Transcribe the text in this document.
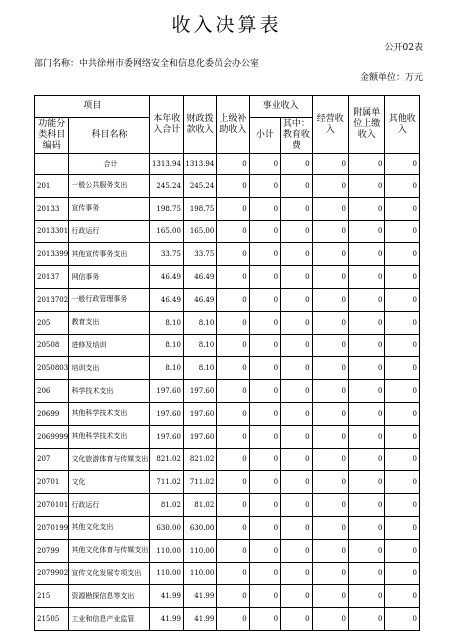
收入决算表
公开02表
部门名称：中共徐州市委网络安全和信息化委员会办公室
金额单位：万元
项目		本年收入合计	财政拨款收入	上级补助收入	事业收入		经营收入	附属单位上缴收入	其他收入
功能分类科目编码	科目名称				小计	其中：教育收费			
	合计	1313.94	1313.94	0	0	0	0	0	0
201	一般公共服务支出	245.24	245.24	0	0	0	0	0	0
20133	宣传事务	198.75	198.75	0	0	0	0	0	0
2013301	行政运行	165.00	165.00	0	0	0	0	0	0
2013399	其他宣传事务支出	33.75	33.75	0	0	0	0	0	0
20137	网信事务	46.49	46.49	0	0	0	0	0	0
2013702	一般行政管理事务	46.49	46.49	0	0	0	0	0	0
205	教育支出	8.10	8.10	0	0	0	0	0	0
20508	进修及培训	8.10	8.10	0	0	0	0	0	0
2050803	培训支出	8.10	8.10	0	0	0	0	0	0
206	科学技术支出	197.60	197.60	0	0	0	0	0	0
20699	其他科学技术支出	197.60	197.60	0	0	0	0	0	0
2069999	其他科学技术支出	197.60	197.60	0	0	0	0	0	0
207	文化旅游体育与传媒支出	821.02	821.02	0	0	0	0	0	0
20701	文化	711.02	711.02	0	0	0	0	0	0
2070101	行政运行	81.02	81.02	0	0	0	0	0	0
2070199	其他文化支出	630.00	630.00	0	0	0	0	0	0
20799	其他文化体育与传媒支出	110.00	110.00	0	0	0	0	0	0
2079902	宣传文化发展专项支出	110.00	110.00	0	0	0	0	0	0
215	资源勘探信息等支出	41.99	41.99	0	0	0	0	0	0
21505	工业和信息产业监管	41.99	41.99	0	0	0	0	0	0
